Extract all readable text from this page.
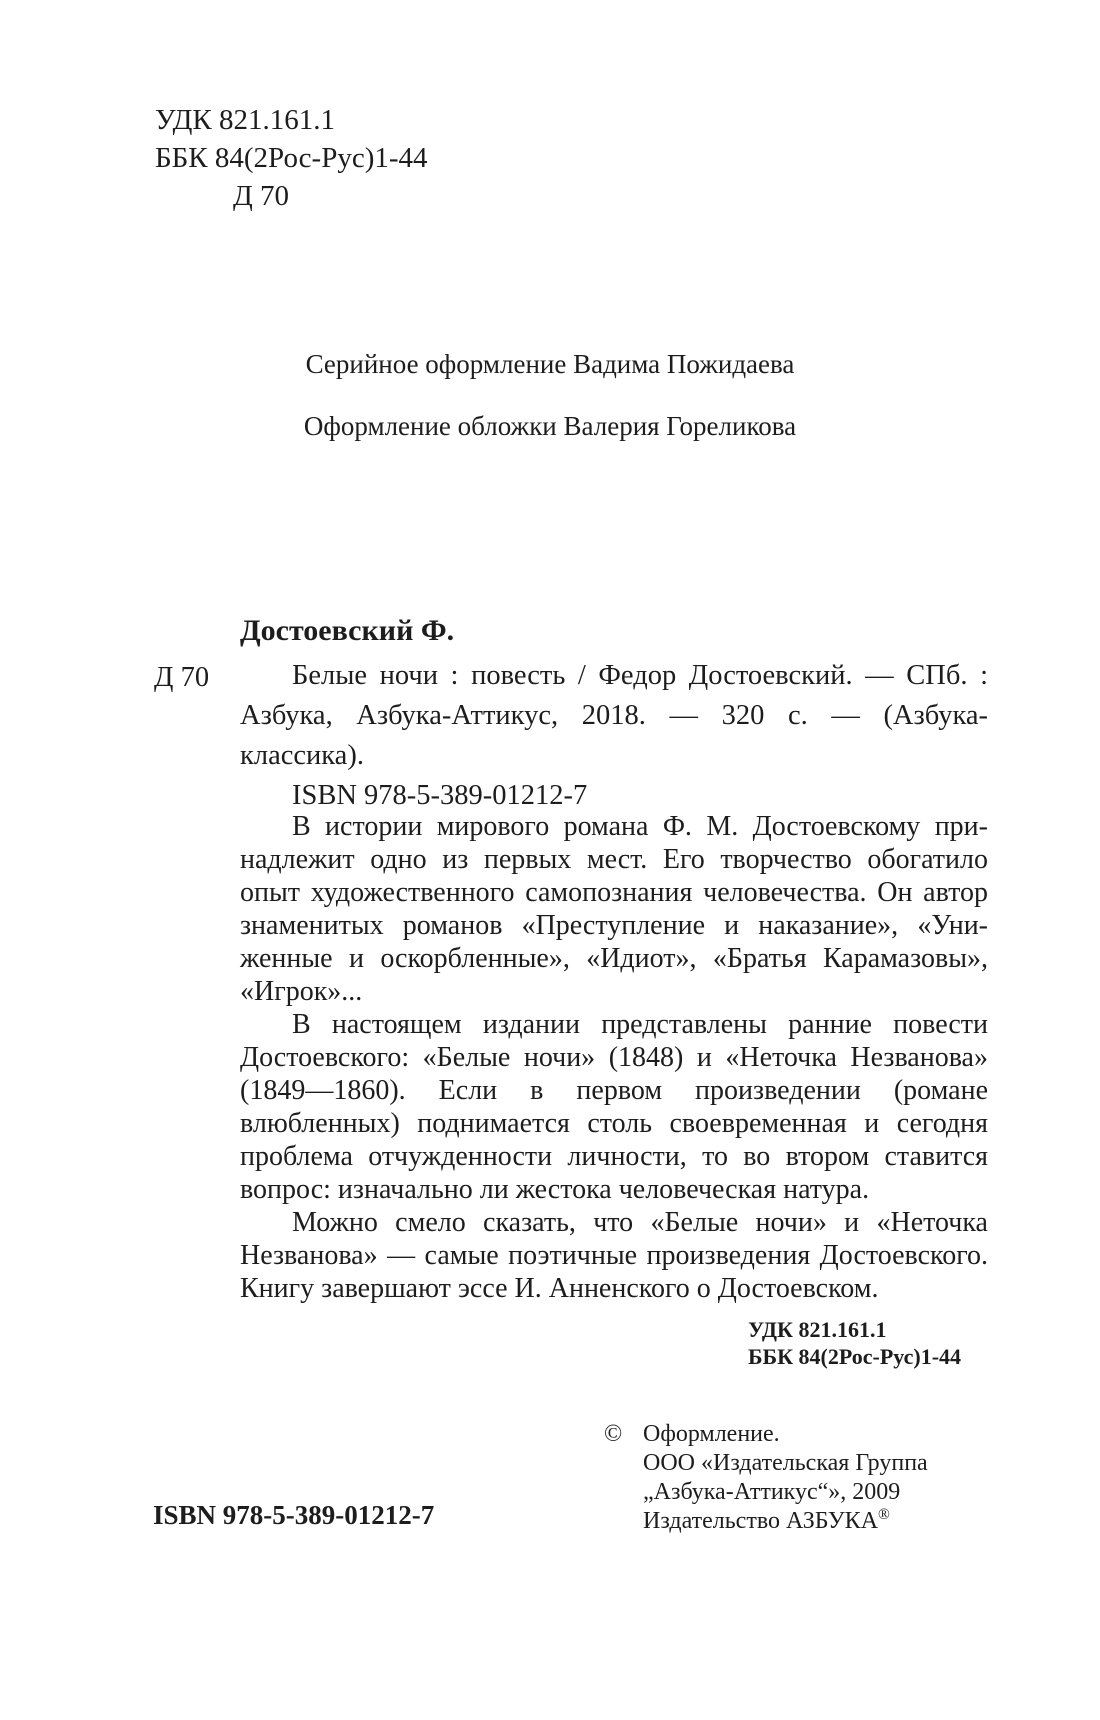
УДК 821.161.1
ББК 84(2Рос-Рус)1-44
Д 70
Серийное оформление Вадима Пожидаева
Оформление обложки Валерия Гореликова
Достоевский Ф.
Д 70	Белые ночи : повесть / Федор Достоевский. — СПб. : Азбука, Азбука-Аттикус, 2018. — 320 с. — (Азбука-классика).

ISBN 978-5-389-01212-7

В истории мирового романа Ф. М. Достоевскому принадлежит одно из первых мест. Его творчество обогатило опыт художественного самопознания человечества. Он автор знаменитых романов «Преступление и наказание», «Униженные и оскорбленные», «Идиот», «Братья Карамазовы», «Игрок»...

В настоящем издании представлены ранние повести Достоевского: «Белые ночи» (1848) и «Неточка Незванова» (1849—1860). Если в первом произведении (романе влюбленных) поднимается столь своевременная и сегодня проблема отчужденности личности, то во втором ставится вопрос: изначально ли жестока человеческая натура.

Можно смело сказать, что «Белые ночи» и «Неточка Незванова» — самые поэтичные произведения Достоевского. Книгу завершают эссе И. Анненского о Достоевском.

УДК 821.161.1
ББК 84(2Рос-Рус)1-44
© Оформление.
ООО «Издательская Группа
„Азбука-Аттикус“», 2009
Издательство АЗБУКА®
ISBN 978-5-389-01212-7
